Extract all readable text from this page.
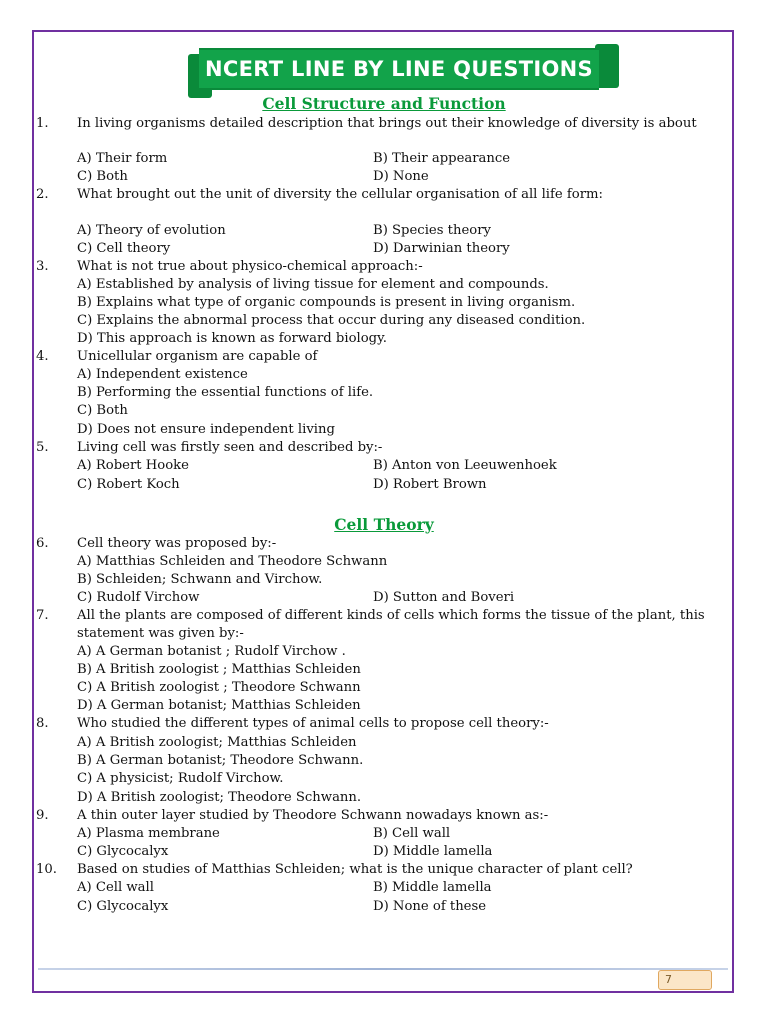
NCERT LINE BY LINE QUESTIONS
Cell Structure and Function
1. In living organisms detailed description that brings out their knowledge of diversity is about
A) Their form	B) Their appearance
C) Both	D) None
2. What brought out the unit of diversity the cellular organisation of all life form:
A) Theory of evolution	B) Species theory
C) Cell theory	D) Darwinian theory
3. What is not true about physico-chemical approach:-
A) Established by analysis of living tissue for element and compounds.
B) Explains what type of organic compounds is present in living organism.
C) Explains the abnormal process that occur during any diseased condition.
D) This approach is known as forward biology.
4. Unicellular organism are capable of
A) Independent existence
B) Performing the essential functions of life.
C) Both
D) Does not ensure independent living
5. Living cell was firstly seen and described by:-
A) Robert Hooke	B) Anton von Leeuwenhoek
C) Robert Koch	D) Robert Brown
Cell Theory
6. Cell theory was proposed by:-
A) Matthias Schleiden and Theodore Schwann
B) Schleiden; Schwann and Virchow.
C) Rudolf Virchow	D) Sutton and Boveri
7. All the plants are composed of different kinds of cells which forms the tissue of the plant, this
statement was given by:-
A) A German botanist ; Rudolf Virchow .
B) A British zoologist ; Matthias Schleiden
C) A British zoologist ; Theodore Schwann
D) A German botanist; Matthias Schleiden
8. Who studied the different types of animal cells to propose cell theory:-
A) A British zoologist; Matthias Schleiden
B) A German botanist; Theodore Schwann.
C) A physicist; Rudolf Virchow.
D) A British zoologist; Theodore Schwann.
9. A thin outer layer studied by Theodore Schwann nowadays known as:-
A) Plasma membrane	B) Cell wall
C) Glycocalyx	D) Middle lamella
10. Based on studies of Matthias Schleiden; what is the unique character of plant cell?
A) Cell wall	B) Middle lamella
C) Glycocalyx	D) None of these
7
